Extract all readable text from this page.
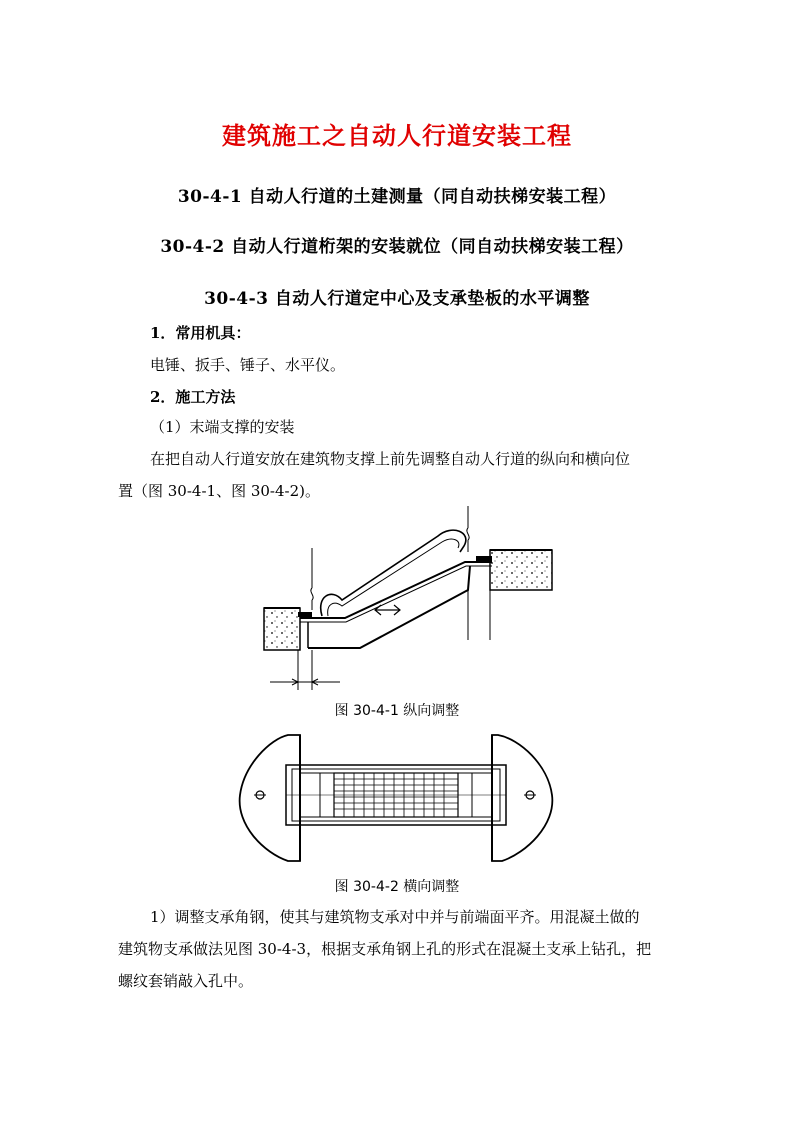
建筑施工之自动人行道安装工程
30-4-1 自动人行道的土建测量（同自动扶梯安装工程）
30-4-2 自动人行道桁架的安装就位（同自动扶梯安装工程）
30-4-3 自动人行道定中心及支承垫板的水平调整
1．常用机具：
电锤、扳手、锤子、水平仪。
2．施工方法
（1）末端支撑的安装
在把自动人行道安放在建筑物支撑上前先调整自动人行道的纵向和横向位
置（图 30-4-1、图 30-4-2)。
图 30-4-1 纵向调整
图 30-4-2 横向调整
1）调整支承角钢，使其与建筑物支承对中并与前端面平齐。用混凝土做的
建筑物支承做法见图 30-4-3，根据支承角钢上孔的形式在混凝土支承上钻孔，把
螺纹套销敲入孔中。
